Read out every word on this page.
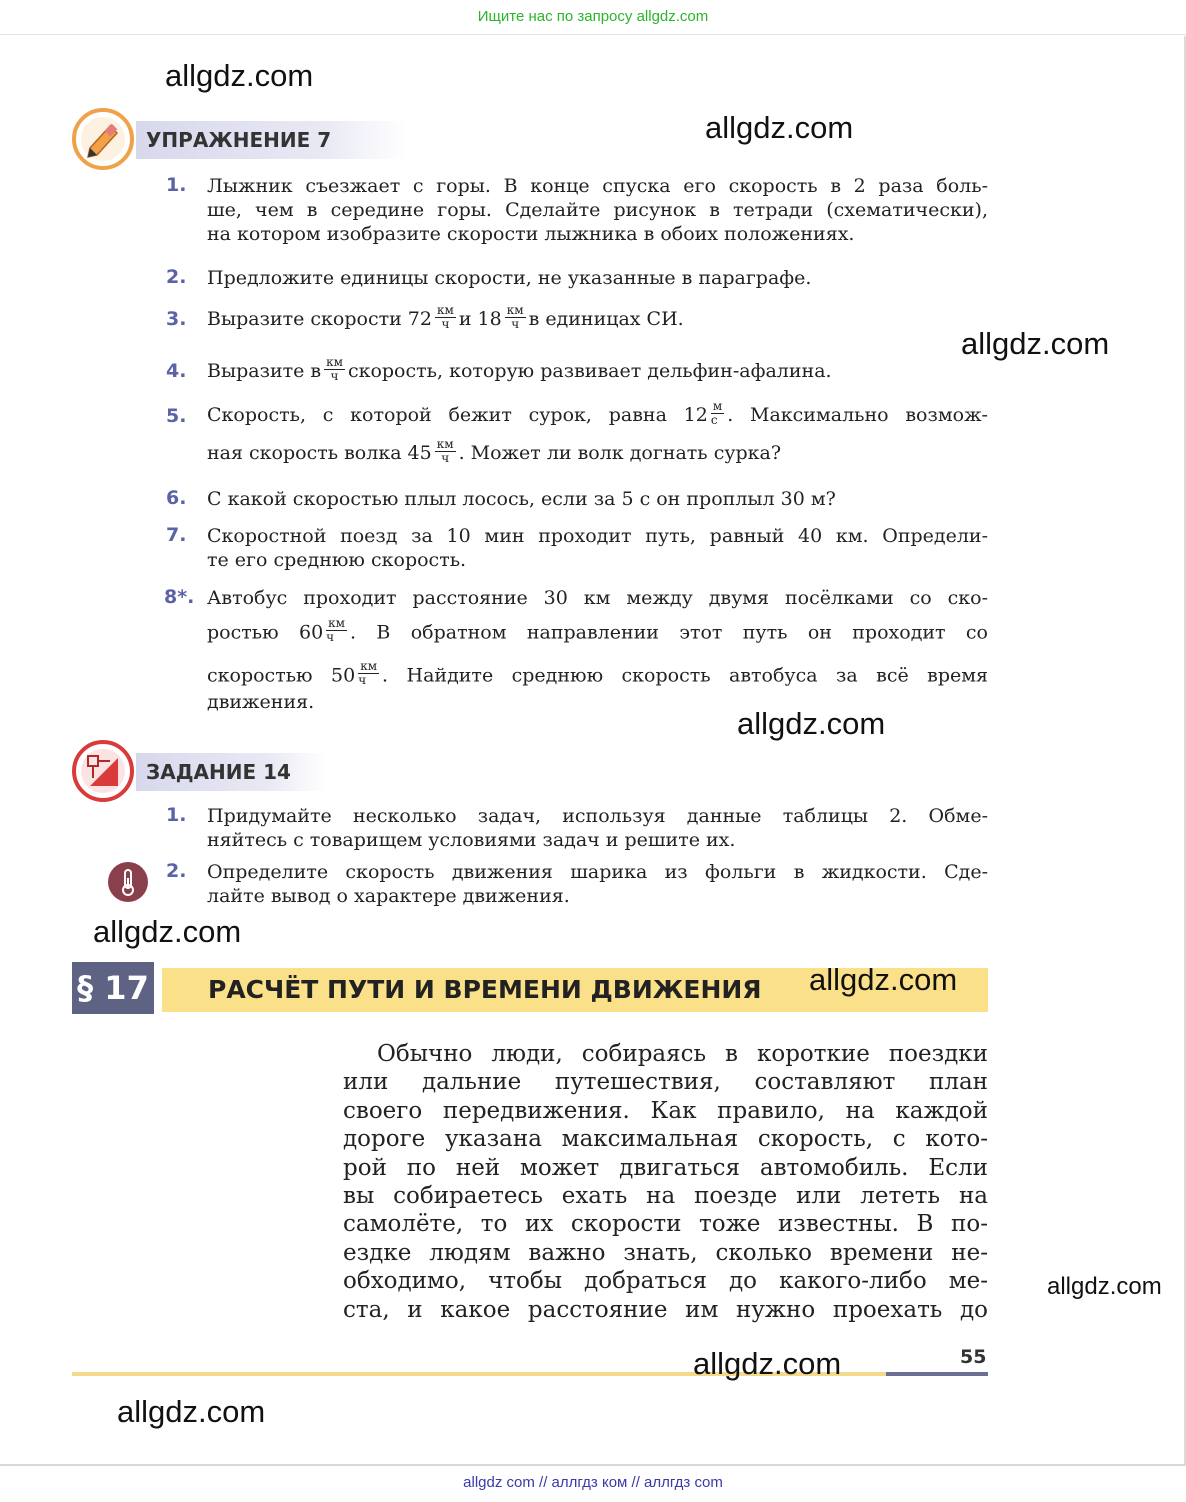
Ищите нас по запросу allgdz.com
allgdz.com
allgdz.com
allgdz.com
allgdz.com
allgdz.com
allgdz.com
allgdz.com
allgdz.com
allgdz.com
УПРАЖНЕНИЕ 7
1. Лыжник съезжает с горы. В конце спуска его скорость в 2 раза боль-
ше, чем в середине горы. Сделайте рисунок в тетради (схематически),
на котором изобразите скорости лыжника в обоих положениях.
2. Предложите единицы скорости, не указанные в параграфе.
3. Выразите скорости $72 \frac{км}{ч}$ и $18 \frac{км}{ч}$ в единицах СИ.
4. Выразите в $\frac{км}{ч}$ скорость, которую развивает дельфин-афалина.
5. Скорость, с которой бежит сурок, равна $12 \frac{м}{с}$ . Максимально возмож-
ная скорость волка $45 \frac{км}{ч}$ . Может ли волк догнать сурка?
6. С какой скоростью плыл лосось, если за 5 с он проплыл 30 м?
7. Скоростной поезд за 10 мин проходит путь, равный 40 км. Определи-
те его среднюю скорость.
8*. Автобус проходит расстояние 30 км между двумя посёлками со ско-
ростью $60 \frac{км}{ч}$ . В обратном направлении этот путь он проходит со
скоростью $50 \frac{км}{ч}$ . Найдите среднюю скорость автобуса за всё время
движения.
ЗАДАНИЕ 14
1. Придумайте несколько задач, используя данные таблицы 2. Обме-
няйтесь с товарищем условиями задач и решите их.
2. Определите скорость движения шарика из фольги в жидкости. Сде-
лайте вывод о характере движения.
§ 17	РАСЧЁТ ПУТИ И ВРЕМЕНИ ДВИЖЕНИЯ
Обычно люди, собираясь в короткие поездки
или дальние путешествия, составляют план
своего передвижения. Как правило, на каждой
дороге указана максимальная скорость, с кото-
рой по ней может двигаться автомобиль. Если
вы собираетесь ехать на поезде или лететь на
самолёте, то их скорости тоже известны. В по-
ездке людям важно знать, сколько времени не-
обходимо, чтобы добраться до какого-либо ме-
ста, и какое расстояние им нужно проехать до
55
allgdz com // аллгдз ком // аллгдз com
